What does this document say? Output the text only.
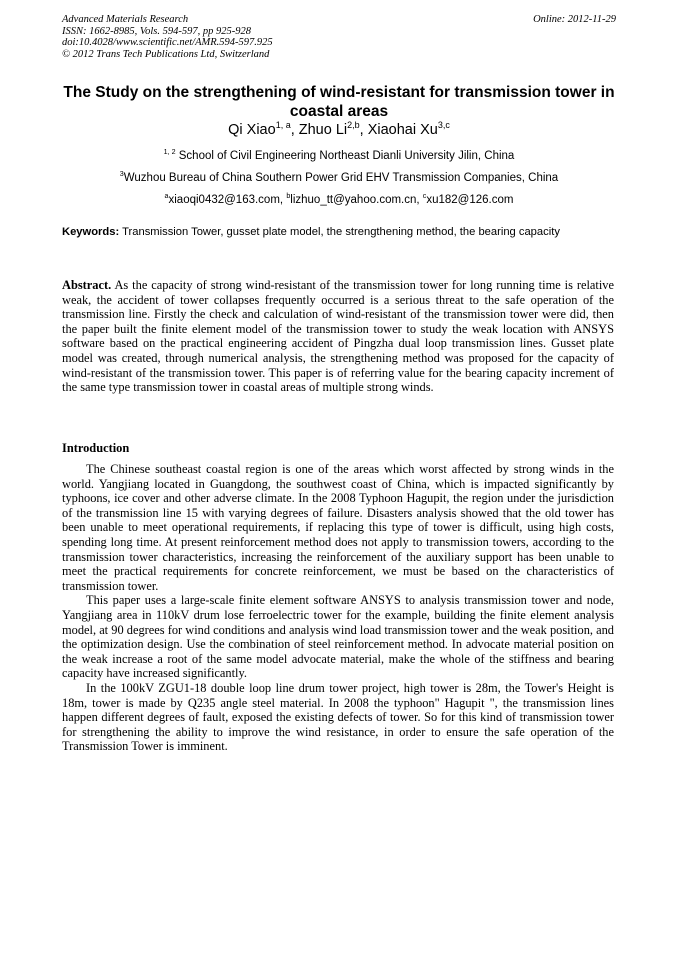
Advanced Materials Research
ISSN: 1662-8985, Vols. 594-597, pp 925-928
doi:10.4028/www.scientific.net/AMR.594-597.925
© 2012 Trans Tech Publications Ltd, Switzerland
Online: 2012-11-29
The Study on the strengthening of wind-resistant for transmission tower in coastal areas
Qi Xiao$^{1, a}$, Zhuo Li$^{2,b}$, Xiaohai Xu$^{3,c}$
$^{1, 2}$ School of Civil Engineering Northeast Dianli University Jilin, China
$^3$Wuzhou Bureau of China Southern Power Grid EHV Transmission Companies, China
$^a$xiaoqi0432@163.com, $^b$lizhuo_tt@yahoo.com.cn, $^c$xu182@126.com
Keywords: Transmission Tower, gusset plate model, the strengthening method, the bearing capacity
Abstract. As the capacity of strong wind-resistant of the transmission tower for long running time is relative weak, the accident of tower collapses frequently occurred is a serious threat to the safe operation of the transmission line. Firstly the check and calculation of wind-resistant of the transmission tower were did, then the paper built the finite element model of the transmission tower to study the weak location with ANSYS software based on the practical engineering accident of Pingzha dual loop transmission lines. Gusset plate model was created, through numerical analysis, the strengthening method was proposed for the capacity of wind-resistant of the transmission tower. This paper is of referring value for the bearing capacity increment of the same type transmission tower in coastal areas of multiple strong winds.
Introduction

The Chinese southeast coastal region is one of the areas which worst affected by strong winds in the world. Yangjiang located in Guangdong, the southwest coast of China, which is impacted significantly by typhoons, ice cover and other adverse climate. In the 2008 Typhoon Hagupit, the region under the jurisdiction of the transmission line 15 with varying degrees of failure. Disasters analysis showed that the old tower has been unable to meet operational requirements, if replacing this type of tower is difficult, using high costs, spending long time. At present reinforcement method does not apply to transmission towers, according to the transmission tower characteristics, increasing the reinforcement of the auxiliary support has been unable to meet the practical requirements for concrete reinforcement, we must be based on the characteristics of transmission tower.

This paper uses a large-scale finite element software ANSYS to analysis transmission tower and node, Yangjiang area in 110kV drum lose ferroelectric tower for the example, building the finite element analysis model, at 90 degrees for wind conditions and analysis wind load transmission tower and the weak position, and the optimization design. Use the combination of steel reinforcement method. In advocate material position on the weak increase a root of the same model advocate material, make the whole of the stiffness and bearing capacity have increased significantly.

In the 100kV ZGU1-18 double loop line drum tower project, high tower is 28m, the Tower's Height is 18m, tower is made by Q235 angle steel material. In 2008 the typhoon" Hagupit ", the transmission lines happen different degrees of fault, exposed the existing defects of tower. So for this kind of transmission tower for strengthening the ability to improve the wind resistance, in order to ensure the safe operation of the Transmission Tower is imminent.
